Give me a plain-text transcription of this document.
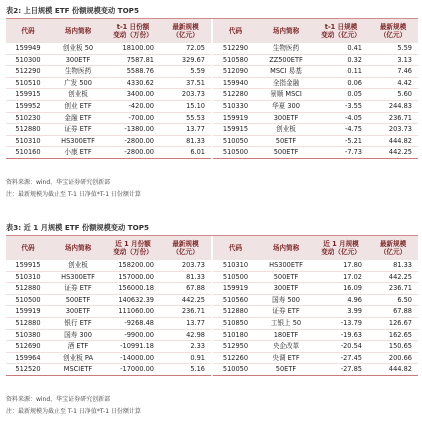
表2: 上日规模 ETF 份额规模变动 TOP5
代码	场内简称	t-1 日份额
变动（万份）	最新规模
（亿元）	代码	场内简称	t-1 日规模
变动（亿元）	最新规模
（亿元）
159949	创业板 50	18100.00	72.05	512290	生物医药	0.41	5.59
510300	300ETF	7587.81	329.67	510580	ZZ500ETF	0.32	3.13
512290	生物医药	5588.76	5.59	512090	MSCI 易基	0.11	7.46
510510	广发 500	4330.62	37.51	159940	全指金融	0.06	4.42
159915	创业板	3400.00	203.73	512280	景顺 MSCI	0.05	5.60
159952	创业 ETF	-420.00	15.10	510330	华夏 300	-3.55	244.83
510230	金融 ETF	-700.00	55.53	159919	300ETF	-4.05	236.71
512880	证券 ETF	-1380.00	13.77	159915	创业板	-4.75	203.73
510310	HS300ETF	-2800.00	81.33	510050	50ETF	-5.21	444.82
510160	小康 ETF	-2800.00	6.01	510500	500ETF	-7.73	442.25
资料来源：wind、华宝证券研究创新部
注：最新规模为截止至 T-1 日净值*T-1 日份额计算
表3: 近 1 月规模 ETF 份额规模变动 TOP5
代码	场内简称	近 1 月份额
变动（万份）	最新规模
（亿元）	代码	场内简称	近 1 月规模
变动（亿元）	最新规模
（亿元）
159915	创业板	158200.00	203.73	510310	HS300ETF	17.80	81.33
510310	HS300ETF	157000.00	81.33	510500	500ETF	17.02	442.25
512880	证券 ETF	156000.18	67.88	159919	300ETF	16.09	236.71
510500	500ETF	140632.39	442.25	510560	国寿 500	4.96	6.50
159919	300ETF	111060.00	236.71	512880	证券 ETF	3.99	67.88
512880	银行 ETF	-9268.48	13.77	510850	工银上 50	-13.79	126.67
510380	国寿 300	-9900.00	42.98	510180	180ETF	-19.63	162.65
512690	酒 ETF	-10991.18	2.33	512950	央企改革	-20.54	150.65
159964	创业板 PA	-14000.00	0.91	512260	央调 ETF	-27.45	200.66
512520	MSCIETF	-17000.00	5.16	510050	50ETF	-27.85	444.82
资料来源：wind、华宝证券研究创新部
注：最新规模为截止至 T-1 日净值*T-1 日份额计算
